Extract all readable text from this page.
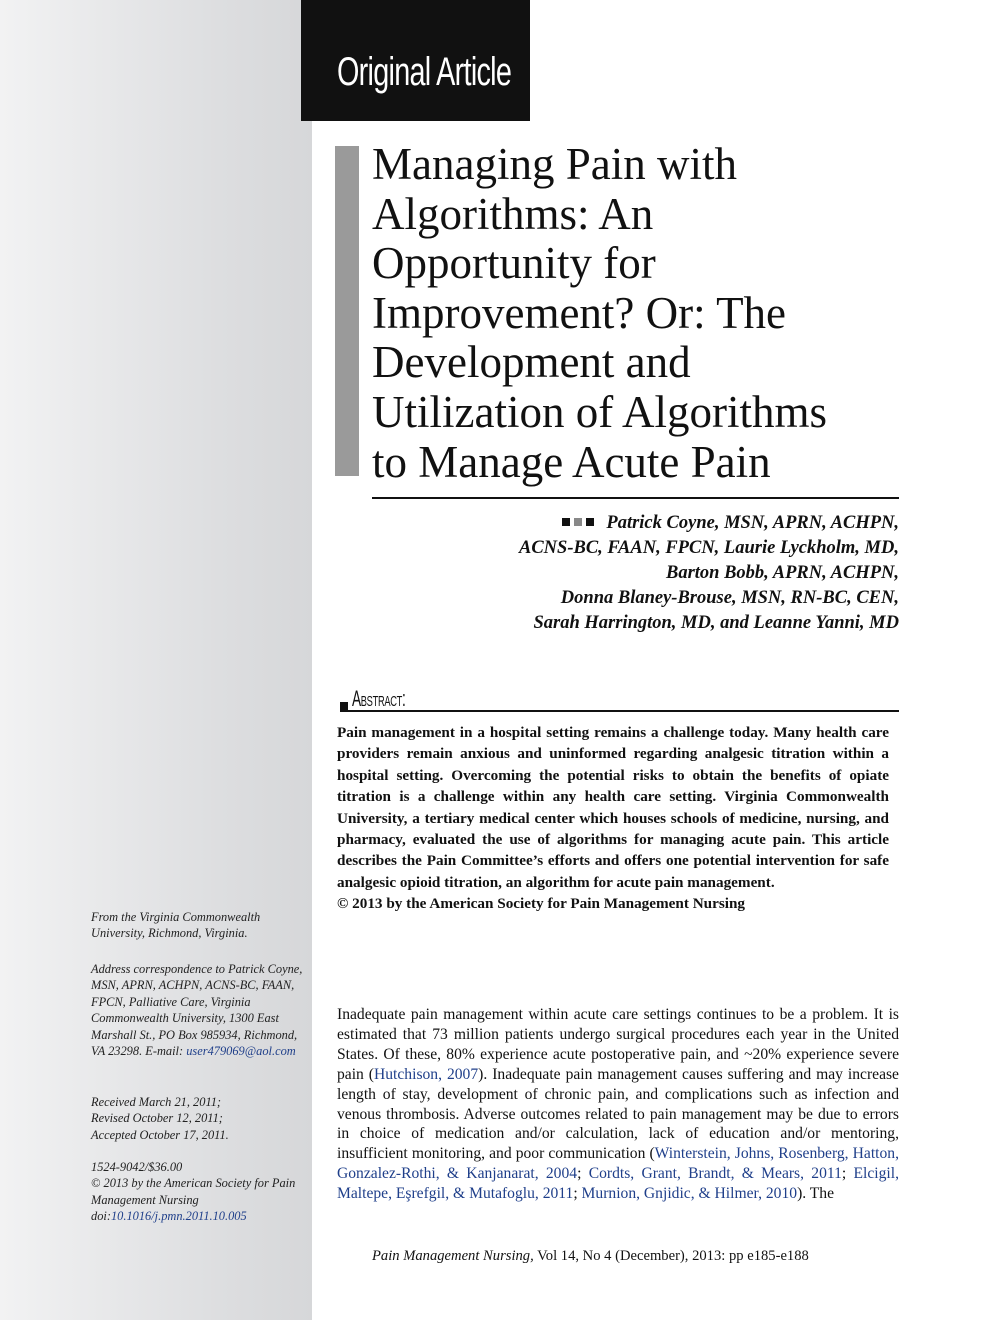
Original Article
Managing Pain with
Algorithms: An
Opportunity for
Improvement? Or: The
Development and
Utilization of Algorithms
to Manage Acute Pain
Patrick Coyne, MSN, APRN, ACHPN,
ACNS-BC, FAAN, FPCN, Laurie Lyckholm, MD,
Barton Bobb, APRN, ACHPN,
Donna Blaney-Brouse, MSN, RN-BC, CEN,
Sarah Harrington, MD, and Leanne Yanni, MD
Abstract:

Pain management in a hospital setting remains a challenge today. Many health care providers remain anxious and uninformed regarding analgesic titration within a hospital setting. Overcoming the potential risks to obtain the benefits of opiate titration is a challenge within any health care setting. Virginia Commonwealth University, a tertiary medical center which houses schools of medicine, nursing, and pharmacy, evaluated the use of algorithms for managing acute pain. This article describes the Pain Committee’s efforts and offers one potential intervention for safe analgesic opioid titration, an algorithm for acute pain management.
© 2013 by the American Society for Pain Management Nursing

From the Virginia Commonwealth University, Richmond, Virginia.

Address correspondence to Patrick Coyne, MSN, APRN, ACHPN, ACNS-BC, FAAN, FPCN, Palliative Care, Virginia Commonwealth University, 1300 East Marshall St., PO Box 985934, Richmond, VA 23298. E-mail: user479069@aol.com

Received March 21, 2011;
Revised October 12, 2011;
Accepted October 17, 2011.

1524-9042/$36.00
© 2013 by the American Society for Pain Management Nursing
doi:10.1016/j.pmn.2011.10.005

Inadequate pain management within acute care settings continues to be a problem. It is estimated that 73 million patients undergo surgical procedures each year in the United States. Of these, 80% experience acute postoperative pain, and ~20% experience severe pain (Hutchison, 2007). Inadequate pain management causes suffering and may increase length of stay, development of chronic pain, and complications such as infection and venous thrombosis. Adverse outcomes related to pain management may be due to errors in choice of medication and/or calculation, lack of education and/or mentoring, insufficient monitoring, and poor communication (Winterstein, Johns, Rosenberg, Hatton, Gonzalez-Rothi, & Kanjanarat, 2004; Cordts, Grant, Brandt, & Mears, 2011; Elcigil, Maltepe, Eşrefgil, & Mutafoglu, 2011; Murnion, Gnjidic, & Hilmer, 2010). The

Pain Management Nursing, Vol 14, No 4 (December), 2013: pp e185-e188
